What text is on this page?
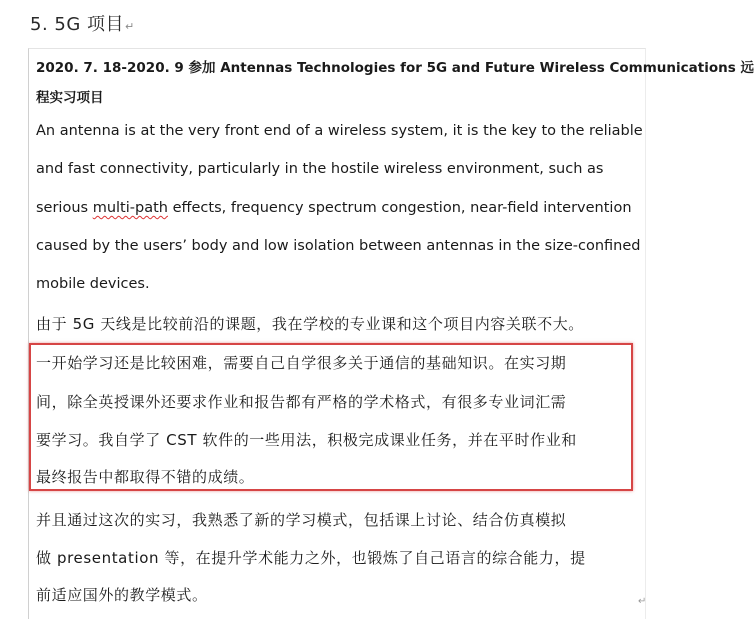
5. 5G 项目↵
2020. 7. 18-2020. 9 参加 Antennas Technologies for 5G and Future Wireless Communications 远
程实习项目
An antenna is at the very front end of a wireless system, it is the key to the reliable
and fast connectivity, particularly in the hostile wireless environment, such as
serious multi-path effects, frequency spectrum congestion, near-field intervention
caused by the users’ body and low isolation between antennas in the size-confined
mobile devices.
由于 5G 天线是比较前沿的课题，我在学校的专业课和这个项目内容关联不大。
一开始学习还是比较困难，需要自己自学很多关于通信的基础知识。在实习期
间，除全英授课外还要求作业和报告都有严格的学术格式，有很多专业词汇需
要学习。我自学了 CST 软件的一些用法，积极完成课业任务，并在平时作业和
最终报告中都取得不错的成绩。
并且通过这次的实习，我熟悉了新的学习模式，包括课上讨论、结合仿真模拟
做 presentation 等，在提升学术能力之外，也锻炼了自己语言的综合能力，提
前适应国外的教学模式。	↵
